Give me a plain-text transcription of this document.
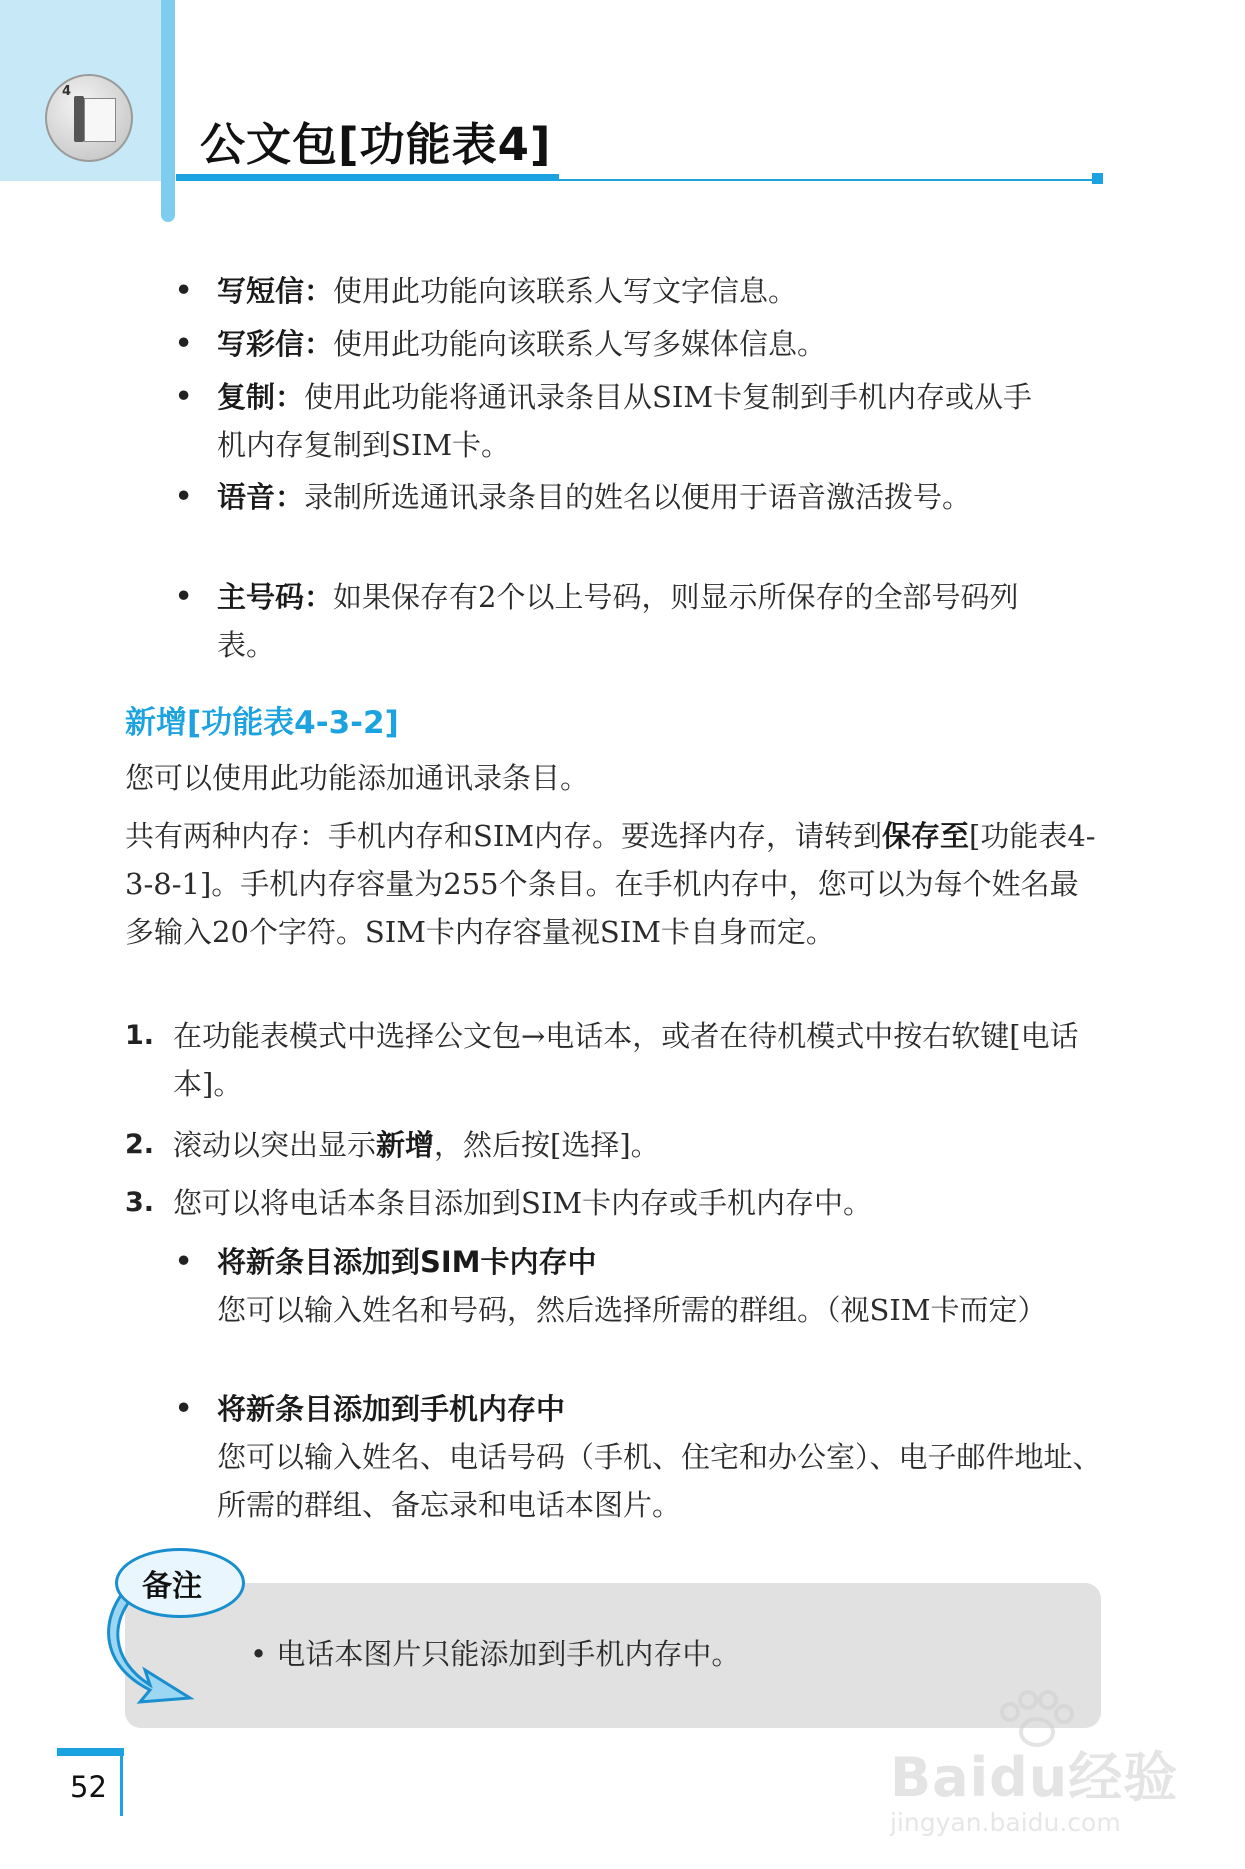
4
公文包[功能表4]
• 写短信：使用此功能向该联系人写文字信息。
• 写彩信：使用此功能向该联系人写多媒体信息。
• 复制：使用此功能将通讯录条目从SIM卡复制到手机内存或从手机内存复制到SIM卡。
• 语音：录制所选通讯录条目的姓名以便用于语音激活拨号。
• 主号码：如果保存有2个以上号码，则显示所保存的全部号码列表。
新增[功能表4-3-2]

您可以使用此功能添加通讯录条目。

共有两种内存：手机内存和SIM内存。要选择内存，请转到保存至[功能表4-3-8-1]。手机内存容量为255个条目。在手机内存中，您可以为每个姓名最多输入20个字符。SIM卡内存容量视SIM卡自身而定。

1. 在功能表模式中选择公文包→电话本，或者在待机模式中按右软键[电话本]。
2. 滚动以突出显示新增，然后按[选择]。
3. 您可以将电话本条目添加到SIM卡内存或手机内存中。
• 将新条目添加到SIM卡内存中
您可以输入姓名和号码，然后选择所需的群组。（视SIM卡而定）
• 将新条目添加到手机内存中
您可以输入姓名、电话号码（手机、住宅和办公室）、电子邮件地址、所需的群组、备忘录和电话本图片。
备注
• 电话本图片只能添加到手机内存中。
52	Baidu经验
jingyan.baidu.com
